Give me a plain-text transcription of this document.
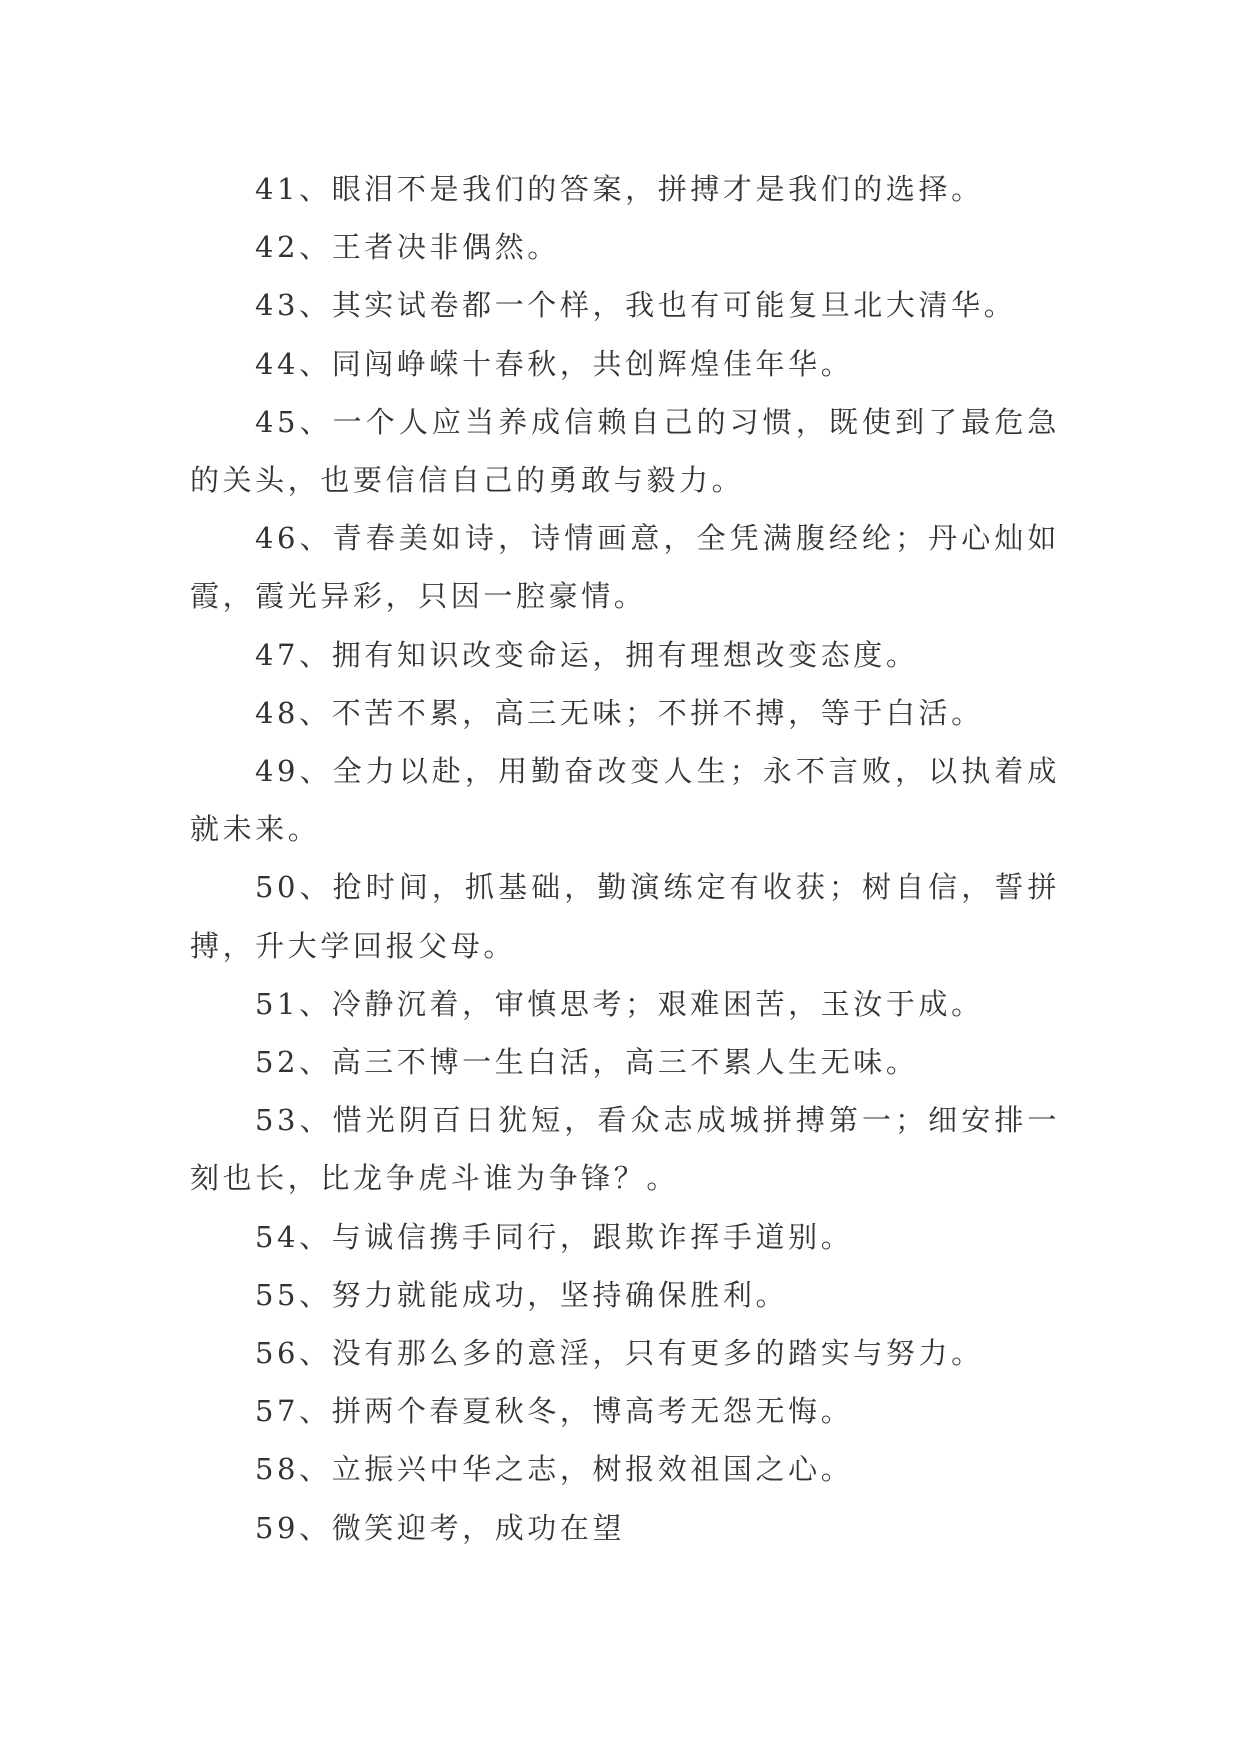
41、眼泪不是我们的答案，拼搏才是我们的选择。

42、王者决非偶然。

43、其实试卷都一个样，我也有可能复旦北大清华。

44、同闯峥嵘十春秋，共创辉煌佳年华。

45、一个人应当养成信赖自己的习惯，既使到了最危急的关头，也要信信自己的勇敢与毅力。

46、青春美如诗，诗情画意，全凭满腹经纶；丹心灿如霞，霞光异彩，只因一腔豪情。

47、拥有知识改变命运，拥有理想改变态度。

48、不苦不累，高三无味；不拼不搏，等于白活。

49、全力以赴，用勤奋改变人生；永不言败，以执着成就未来。

50、抢时间，抓基础，勤演练定有收获；树自信，誓拼搏，升大学回报父母。

51、冷静沉着，审慎思考；艰难困苦，玉汝于成。

52、高三不博一生白活，高三不累人生无味。

53、惜光阴百日犹短，看众志成城拼搏第一；细安排一刻也长，比龙争虎斗谁为争锋？。

54、与诚信携手同行，跟欺诈挥手道别。

55、努力就能成功，坚持确保胜利。

56、没有那么多的意淫，只有更多的踏实与努力。

57、拼两个春夏秋冬，博高考无怨无悔。

58、立振兴中华之志，树报效祖国之心。

59、微笑迎考，成功在望
